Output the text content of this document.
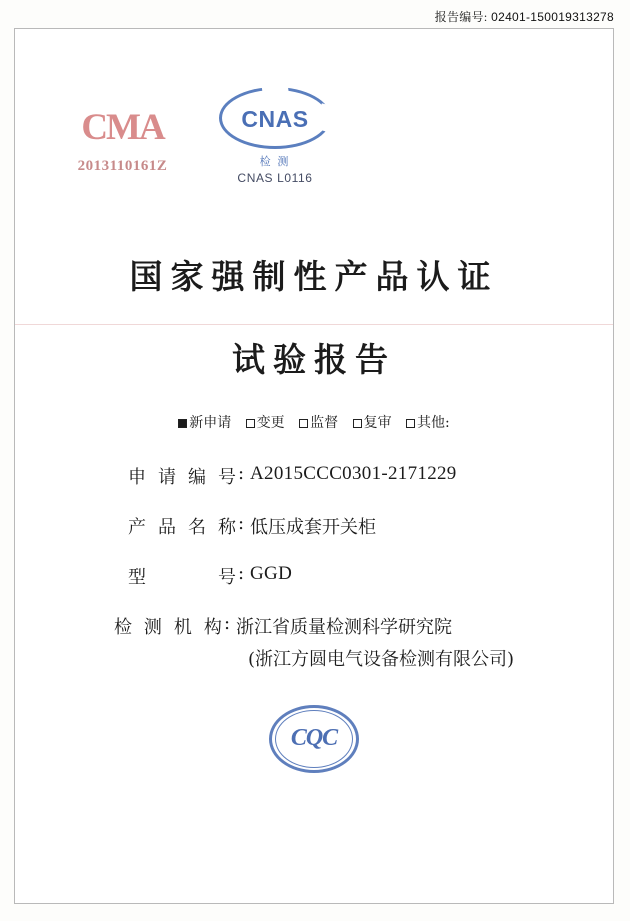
报告编号: 02401-150019313278
CMA
2013110161Z
CNAS
检 测
CNAS L0116
国家强制性产品认证
试验报告
新申请 变更 监督 复审 其他:
申请编号 : A2015CCC0301-2171229
产品名称 : 低压成套开关柜
型号 : GGD
检测机构 : 浙江省质量检测科学研究院
(浙江方圆电气设备检测有限公司)
CQC
